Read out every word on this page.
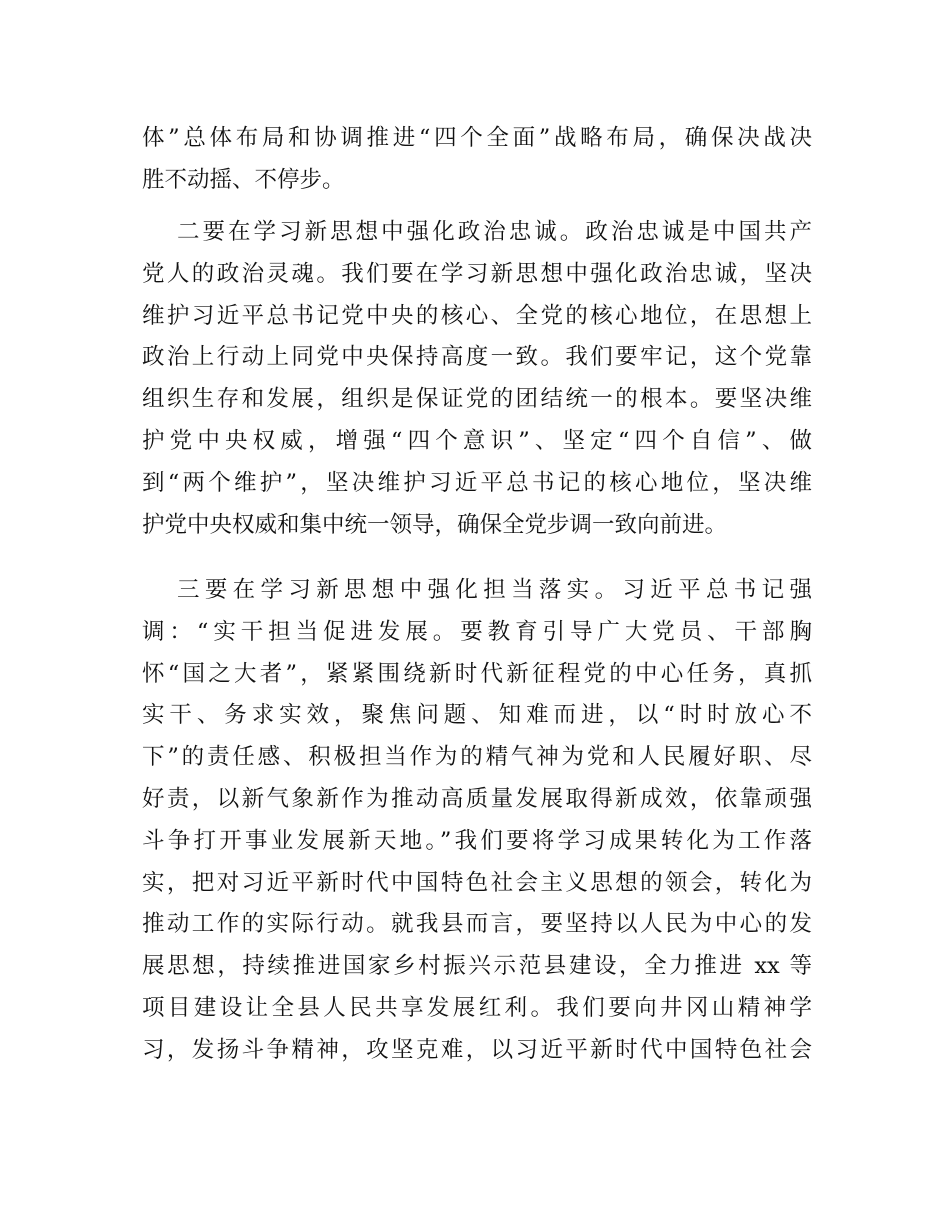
体”总体布局和协调推进“四个全面”战略布局，确保决战决
胜不动摇、不停步。
二要在学习新思想中强化政治忠诚。政治忠诚是中国共产
党人的政治灵魂。我们要在学习新思想中强化政治忠诚，坚决
维护习近平总书记党中央的核心、全党的核心地位，在思想上
政治上行动上同党中央保持高度一致。我们要牢记，这个党靠
组织生存和发展，组织是保证党的团结统一的根本。要坚决维
护党中央权威，增强“四个意识”、坚定“四个自信”、做
到“两个维护”，坚决维护习近平总书记的核心地位，坚决维
护党中央权威和集中统一领导，确保全党步调一致向前进。
三要在学习新思想中强化担当落实。习近平总书记强
调：“实干担当促进发展。要教育引导广大党员、干部胸
怀“国之大者”，紧紧围绕新时代新征程党的中心任务，真抓
实干、务求实效，聚焦问题、知难而进，以“时时放心不
下”的责任感、积极担当作为的精气神为党和人民履好职、尽
好责，以新气象新作为推动高质量发展取得新成效，依靠顽强
斗争打开事业发展新天地。”我们要将学习成果转化为工作落
实，把对习近平新时代中国特色社会主义思想的领会，转化为
推动工作的实际行动。就我县而言，要坚持以人民为中心的发
展思想，持续推进国家乡村振兴示范县建设，全力推进 xx 等
项目建设让全县人民共享发展红利。我们要向井冈山精神学
习，发扬斗争精神，攻坚克难，以习近平新时代中国特色社会
